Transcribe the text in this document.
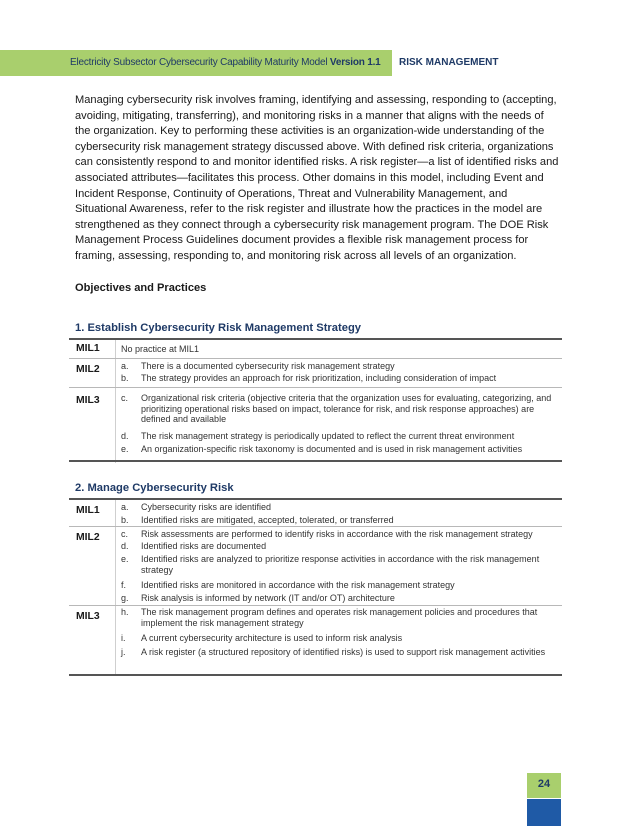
Electricity Subsector Cybersecurity Capability Maturity Model Version 1.1 RISK MANAGEMENT
Managing cybersecurity risk involves framing, identifying and assessing, responding to (accepting, avoiding, mitigating, transferring), and monitoring risks in a manner that aligns with the needs of the organization. Key to performing these activities is an organization-wide understanding of the cybersecurity risk management strategy discussed above. With defined risk criteria, organizations can consistently respond to and monitor identified risks. A risk register—a list of identified risks and associated attributes—facilitates this process. Other domains in this model, including Event and Incident Response, Continuity of Operations, Threat and Vulnerability Management, and Situational Awareness, refer to the risk register and illustrate how the practices in the model are strengthened as they connect through a cybersecurity risk management program. The DOE Risk Management Process Guidelines document provides a flexible risk management process for framing, assessing, responding to, and monitoring risk across all levels of an organization.
Objectives and Practices
1. Establish Cybersecurity Risk Management Strategy
MIL1 No practice at MIL1
MIL2 a. There is a documented cybersecurity risk management strategy
b. The strategy provides an approach for risk prioritization, including consideration of impact
MIL3 c. Organizational risk criteria (objective criteria that the organization uses for evaluating, categorizing, and prioritizing operational risks based on impact, tolerance for risk, and risk response approaches) are defined and available
d. The risk management strategy is periodically updated to reflect the current threat environment
e. An organization-specific risk taxonomy is documented and is used in risk management activities
2. Manage Cybersecurity Risk
MIL1 a. Cybersecurity risks are identified
b. Identified risks are mitigated, accepted, tolerated, or transferred
MIL2 c. Risk assessments are performed to identify risks in accordance with the risk management strategy
d. Identified risks are documented
e. Identified risks are analyzed to prioritize response activities in accordance with the risk management strategy
f. Identified risks are monitored in accordance with the risk management strategy
g. Risk analysis is informed by network (IT and/or OT) architecture
MIL3 h. The risk management program defines and operates risk management policies and procedures that implement the risk management strategy
i. A current cybersecurity architecture is used to inform risk analysis
j. A risk register (a structured repository of identified risks) is used to support risk management activities
24
